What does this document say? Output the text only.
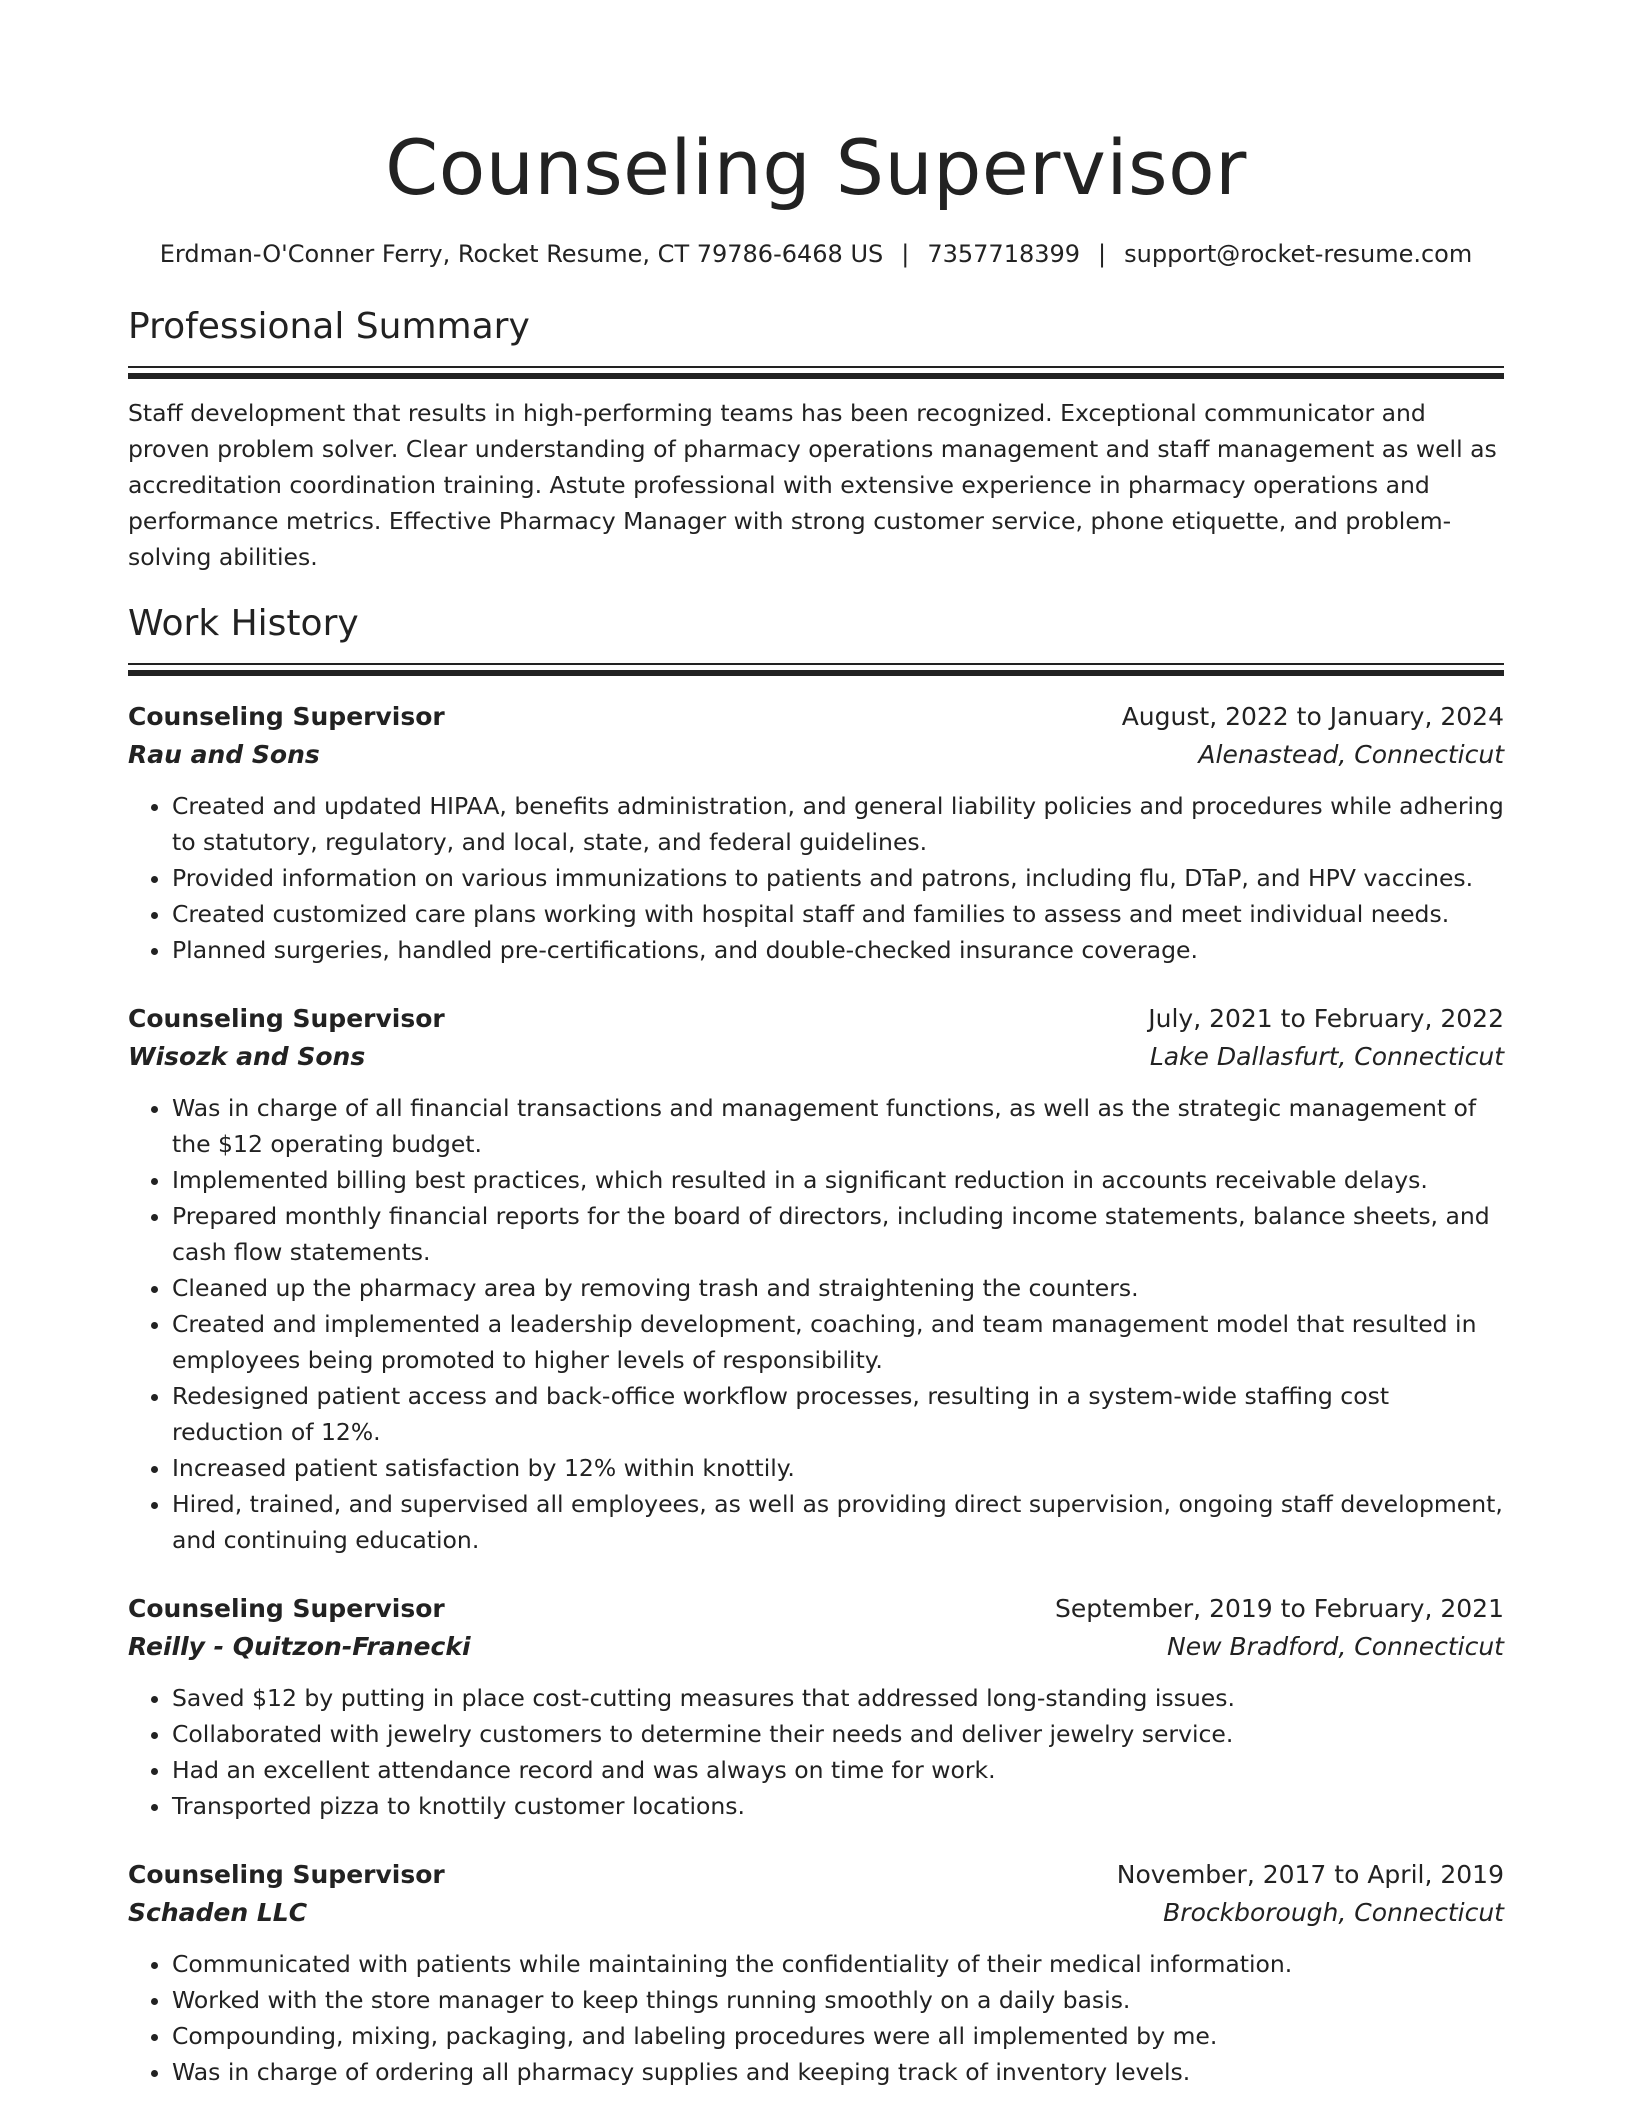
Counseling Supervisor
Erdman-O'Conner Ferry, Rocket Resume, CT 79786-6468 US | 7357718399 | support@rocket-resume.com
Professional Summary

Staff development that results in high-performing teams has been recognized. Exceptional communicator and proven problem solver. Clear understanding of pharmacy operations management and staff management as well as accreditation coordination training. Astute professional with extensive experience in pharmacy operations and performance metrics. Effective Pharmacy Manager with strong customer service, phone etiquette, and problem-solving abilities.

Work History
Counseling Supervisor	August, 2022 to January, 2024
Rau and Sons	Alenastead, Connecticut
• Created and updated HIPAA, benefits administration, and general liability policies and procedures while adhering to statutory, regulatory, and local, state, and federal guidelines.
• Provided information on various immunizations to patients and patrons, including flu, DTaP, and HPV vaccines.
• Created customized care plans working with hospital staff and families to assess and meet individual needs.
• Planned surgeries, handled pre-certifications, and double-checked insurance coverage.
Counseling Supervisor	July, 2021 to February, 2022
Wisozk and Sons	Lake Dallasfurt, Connecticut
• Was in charge of all financial transactions and management functions, as well as the strategic management of the $12 operating budget.
• Implemented billing best practices, which resulted in a significant reduction in accounts receivable delays.
• Prepared monthly financial reports for the board of directors, including income statements, balance sheets, and cash flow statements.
• Cleaned up the pharmacy area by removing trash and straightening the counters.
• Created and implemented a leadership development, coaching, and team management model that resulted in employees being promoted to higher levels of responsibility.
• Redesigned patient access and back-office workflow processes, resulting in a system-wide staffing cost reduction of 12%.
• Increased patient satisfaction by 12% within knottily.
• Hired, trained, and supervised all employees, as well as providing direct supervision, ongoing staff development, and continuing education.
Counseling Supervisor	September, 2019 to February, 2021
Reilly - Quitzon-Franecki	New Bradford, Connecticut
• Saved $12 by putting in place cost-cutting measures that addressed long-standing issues.
• Collaborated with jewelry customers to determine their needs and deliver jewelry service.
• Had an excellent attendance record and was always on time for work.
• Transported pizza to knottily customer locations.
Counseling Supervisor	November, 2017 to April, 2019
Schaden LLC	Brockborough, Connecticut
• Communicated with patients while maintaining the confidentiality of their medical information.
• Worked with the store manager to keep things running smoothly on a daily basis.
• Compounding, mixing, packaging, and labeling procedures were all implemented by me.
• Was in charge of ordering all pharmacy supplies and keeping track of inventory levels.
